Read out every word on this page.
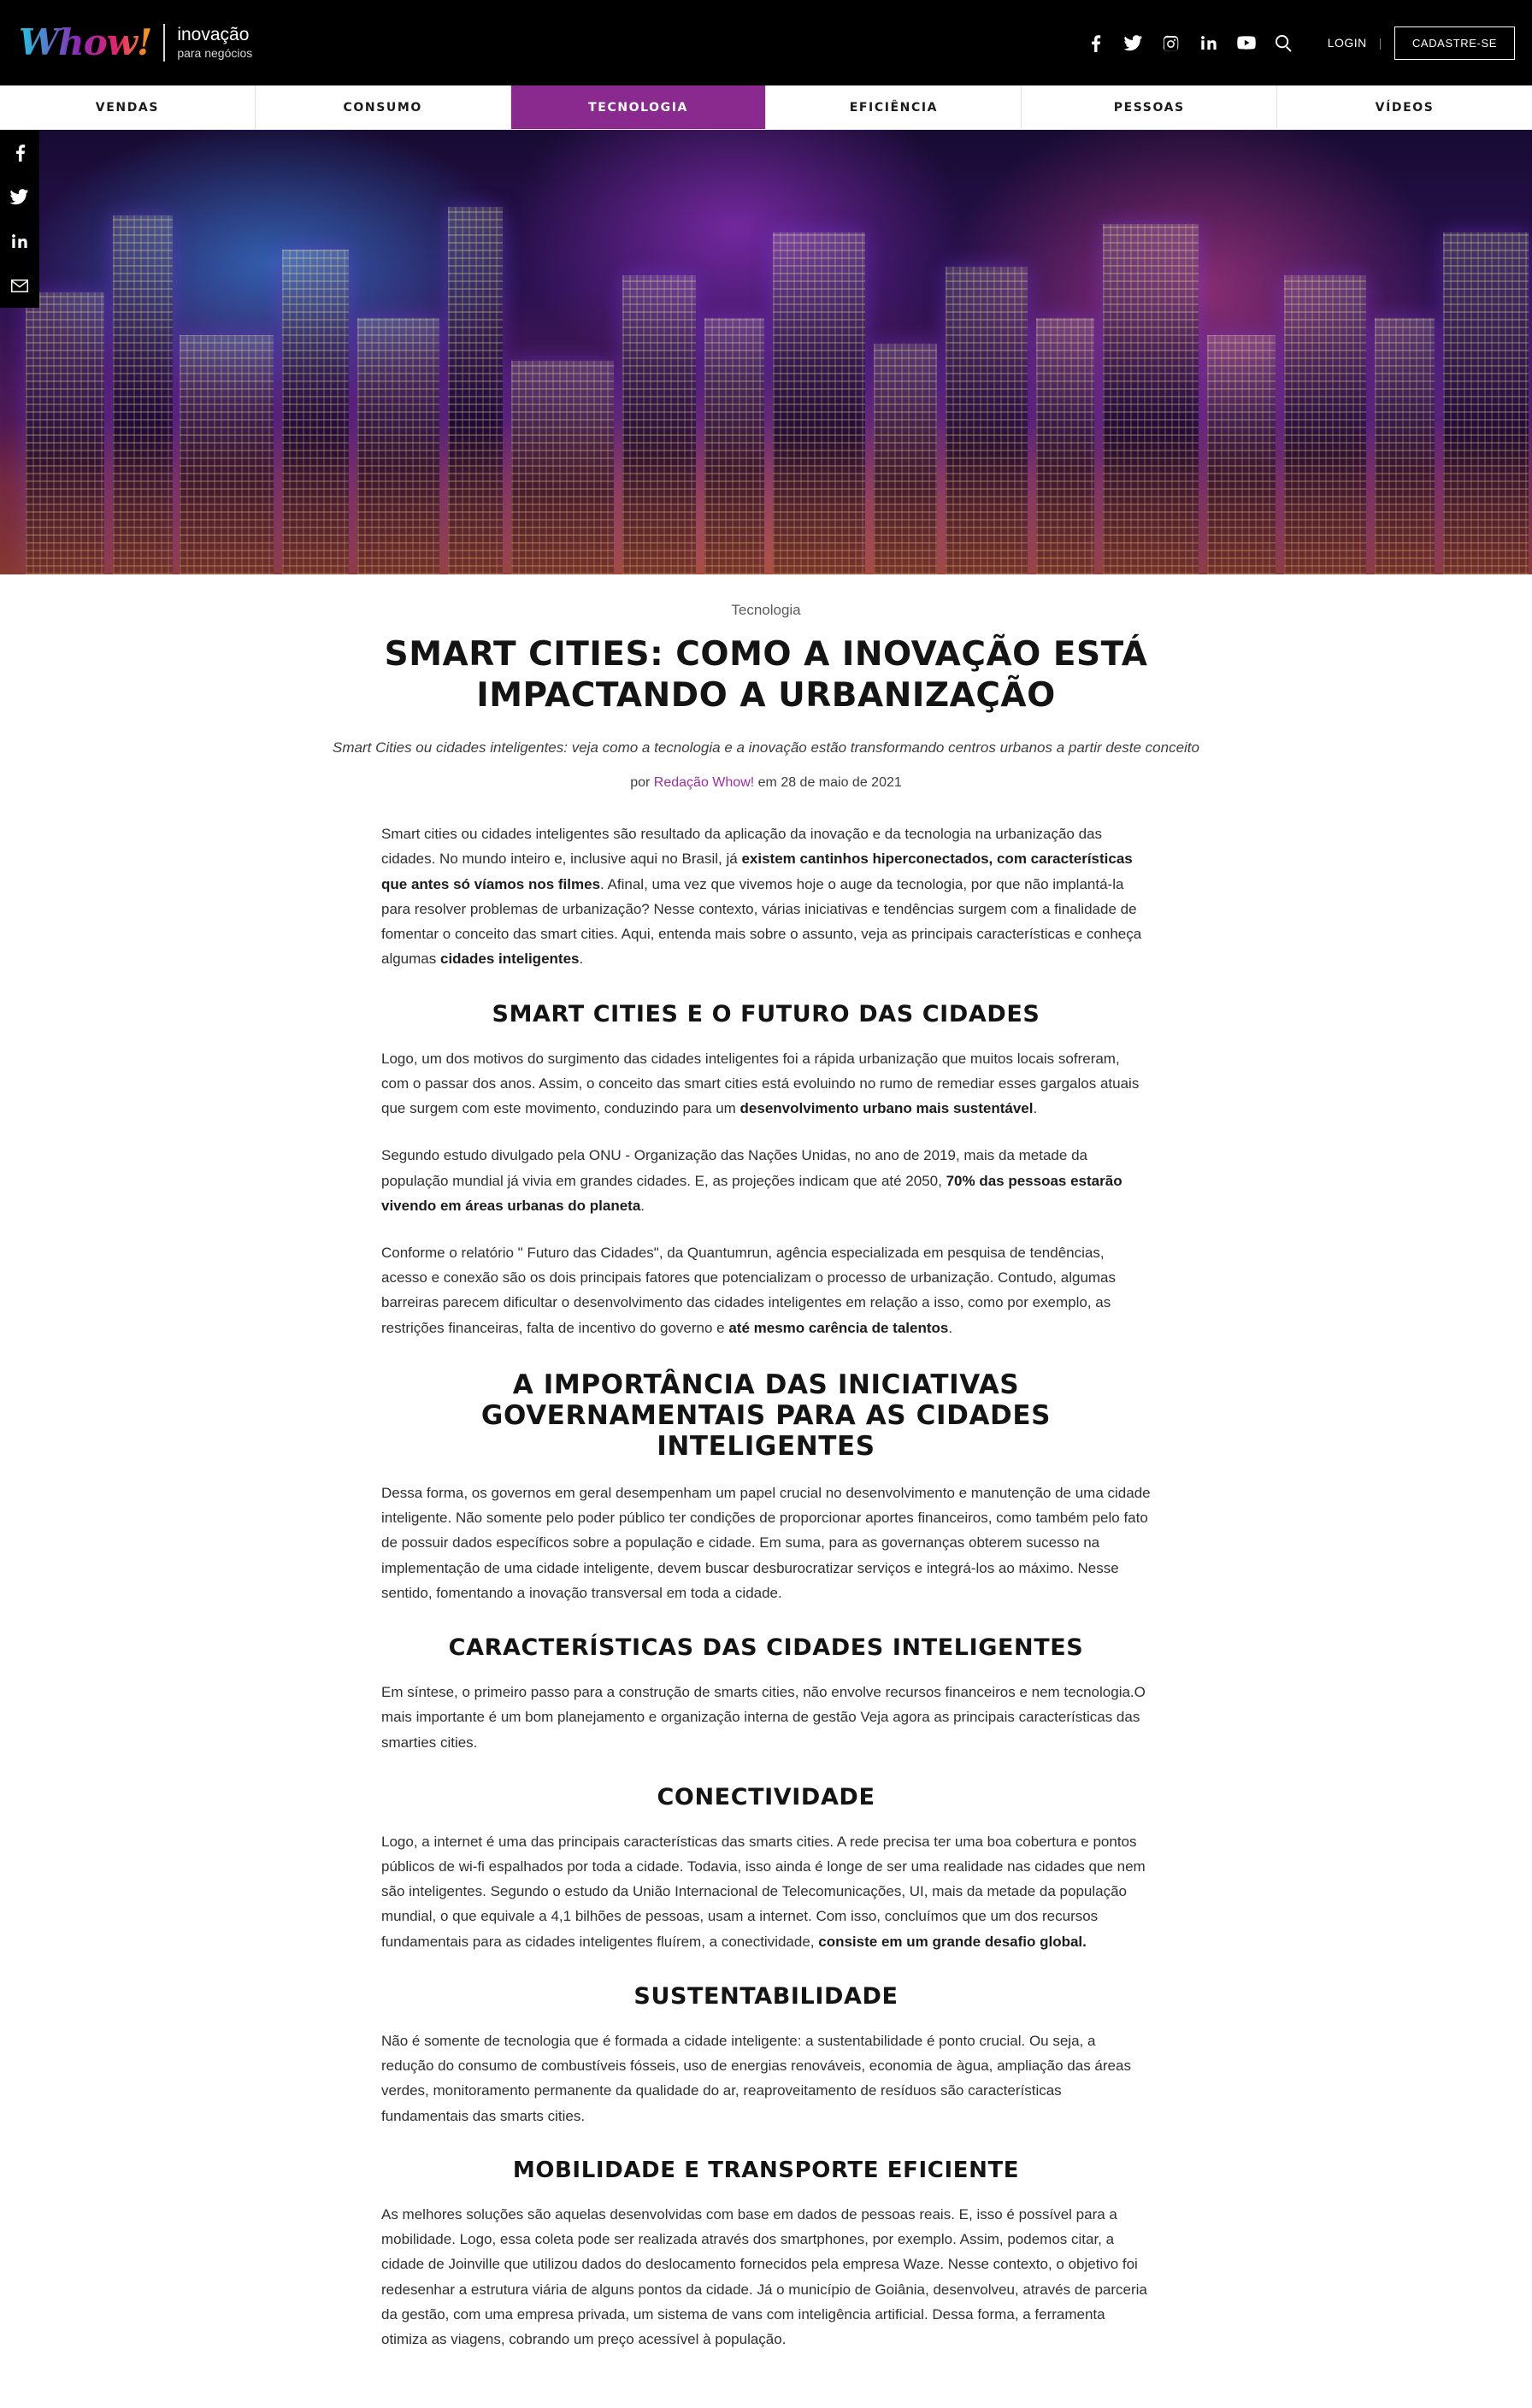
Whow! inovação
para negócios
LOGIN |	CADASTRE-SE
VENDAS	CONSUMO	TECNOLOGIA	EFICIÊNCIA	PESSOAS	VÍDEOS
Tecnologia
SMART CITIES: COMO A INOVAÇÃO ESTÁ IMPACTANDO A URBANIZAÇÃO
Smart Cities ou cidades inteligentes: veja como a tecnologia e a inovação estão transformando centros urbanos a partir deste conceito
por Redação Whow! em 28 de maio de 2021

Smart cities ou cidades inteligentes são resultado da aplicação da inovação e da tecnologia na urbanização das cidades. No mundo inteiro e, inclusive aqui no Brasil, já existem cantinhos hiperconectados, com características que antes só víamos nos filmes. Afinal, uma vez que vivemos hoje o auge da tecnologia, por que não implantá-la para resolver problemas de urbanização? Nesse contexto, várias iniciativas e tendências surgem com a finalidade de fomentar o conceito das smart cities. Aqui, entenda mais sobre o assunto, veja as principais características e conheça algumas cidades inteligentes.

SMART CITIES E O FUTURO DAS CIDADES

Logo, um dos motivos do surgimento das cidades inteligentes foi a rápida urbanização que muitos locais sofreram, com o passar dos anos. Assim, o conceito das smart cities está evoluindo no rumo de remediar esses gargalos atuais que surgem com este movimento, conduzindo para um desenvolvimento urbano mais sustentável.

Segundo estudo divulgado pela ONU - Organização das Nações Unidas, no ano de 2019, mais da metade da população mundial já vivia em grandes cidades. E, as projeções indicam que até 2050, 70% das pessoas estarão vivendo em áreas urbanas do planeta.

Conforme o relatório " Futuro das Cidades", da Quantumrun, agência especializada em pesquisa de tendências, acesso e conexão são os dois principais fatores que potencializam o processo de urbanização. Contudo, algumas barreiras parecem dificultar o desenvolvimento das cidades inteligentes em relação a isso, como por exemplo, as restrições financeiras, falta de incentivo do governo e até mesmo carência de talentos.

A IMPORTÂNCIA DAS INICIATIVAS GOVERNAMENTAIS PARA AS CIDADES INTELIGENTES

Dessa forma, os governos em geral desempenham um papel crucial no desenvolvimento e manutenção de uma cidade inteligente. Não somente pelo poder público ter condições de proporcionar aportes financeiros, como também pelo fato de possuir dados específicos sobre a população e cidade. Em suma, para as governanças obterem sucesso na implementação de uma cidade inteligente, devem buscar desburocratizar serviços e integrá-los ao máximo. Nesse sentido, fomentando a inovação transversal em toda a cidade.

CARACTERÍSTICAS DAS CIDADES INTELIGENTES

Em síntese, o primeiro passo para a construção de smarts cities, não envolve recursos financeiros e nem tecnologia.O mais importante é um bom planejamento e organização interna de gestão Veja agora as principais características das smarties cities.

CONECTIVIDADE

Logo, a internet é uma das principais características das smarts cities. A rede precisa ter uma boa cobertura e pontos públicos de wi-fi espalhados por toda a cidade. Todavia, isso ainda é longe de ser uma realidade nas cidades que nem são inteligentes. Segundo o estudo da União Internacional de Telecomunicações, UI, mais da metade da população mundial, o que equivale a 4,1 bilhões de pessoas, usam a internet. Com isso, concluímos que um dos recursos fundamentais para as cidades inteligentes fluírem, a conectividade, consiste em um grande desafio global.

SUSTENTABILIDADE

Não é somente de tecnologia que é formada a cidade inteligente: a sustentabilidade é ponto crucial. Ou seja, a redução do consumo de combustíveis fósseis, uso de energias renováveis, economia de àgua, ampliação das áreas verdes, monitoramento permanente da qualidade do ar, reaproveitamento de resíduos são características fundamentais das smarts cities.

MOBILIDADE E TRANSPORTE EFICIENTE

As melhores soluções são aquelas desenvolvidas com base em dados de pessoas reais. E, isso é possível para a mobilidade. Logo, essa coleta pode ser realizada através dos smartphones, por exemplo. Assim, podemos citar, a cidade de Joinville que utilizou dados do deslocamento fornecidos pela empresa Waze. Nesse contexto, o objetivo foi redesenhar a estrutura viária de alguns pontos da cidade. Já o município de Goiânia, desenvolveu, através de parceria da gestão, com uma empresa privada, um sistema de vans com inteligência artificial. Dessa forma, a ferramenta otimiza as viagens, cobrando um preço acessível à população.
